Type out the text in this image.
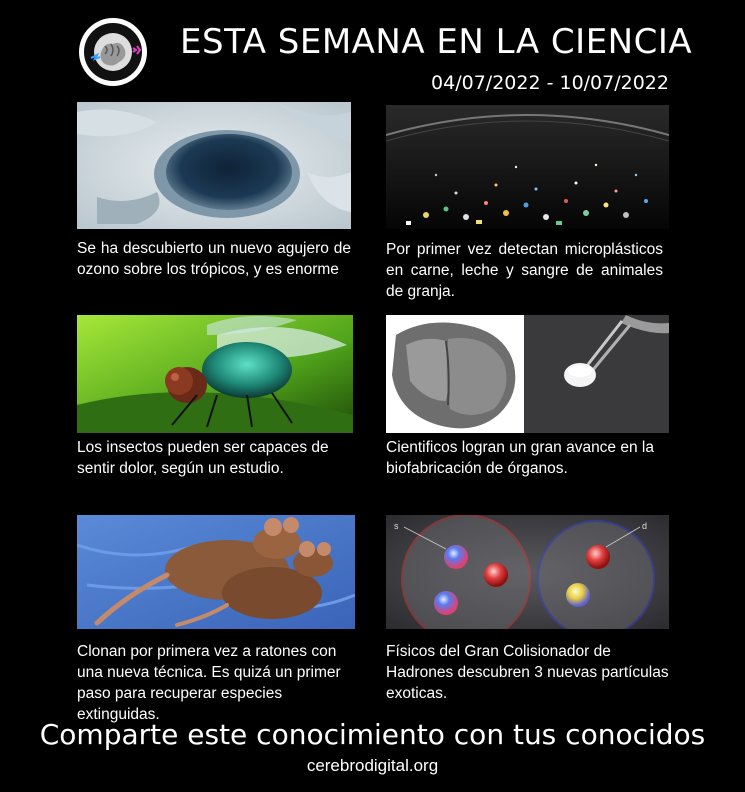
ESTA SEMANA EN LA CIENCIA
04/07/2022 - 10/07/2022
Se ha descubierto un nuevo agujero de ozono sobre los trópicos, y es enorme
Por primer vez detectan microplásticos en carne, leche y sangre de animales de granja.
Los insectos pueden ser capaces de sentir dolor, según un estudio.
Cientificos logran un gran avance en la biofabricación de órganos.
Clonan por primera vez a ratones con una nueva técnica. Es quizá un primer paso para recuperar especies extinguidas.
s	d
Físicos del Gran Colisionador de Hadrones descubren 3 nuevas partículas exoticas.
Comparte este conocimiento con tus conocidos
cerebrodigital.org
